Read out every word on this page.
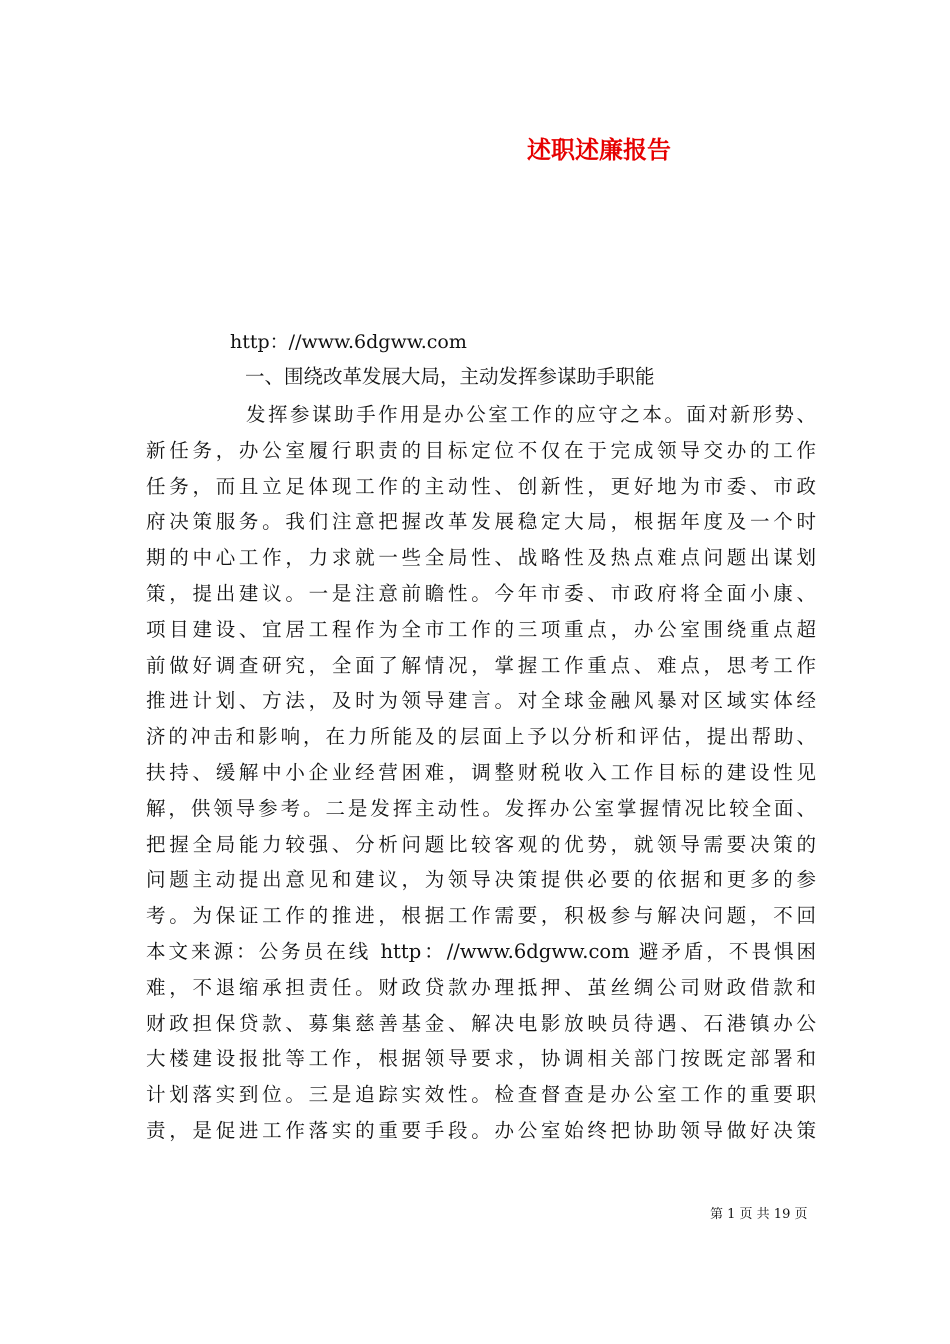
述职述廉报告
http：//www.6dgww.com
一、围绕改革发展大局，主动发挥参谋助手职能
发挥参谋助手作用是办公室工作的应守之本。面对新形势、
新任务，办公室履行职责的目标定位不仅在于完成领导交办的工作
任务，而且立足体现工作的主动性、创新性，更好地为市委、市政
府决策服务。我们注意把握改革发展稳定大局，根据年度及一个时
期的中心工作，力求就一些全局性、战略性及热点难点问题出谋划
策，提出建议。一是注意前瞻性。今年市委、市政府将全面小康、
项目建设、宜居工程作为全市工作的三项重点，办公室围绕重点超
前做好调查研究，全面了解情况，掌握工作重点、难点，思考工作
推进计划、方法，及时为领导建言。对全球金融风暴对区域实体经
济的冲击和影响，在力所能及的层面上予以分析和评估，提出帮助、
扶持、缓解中小企业经营困难，调整财税收入工作目标的建设性见
解，供领导参考。二是发挥主动性。发挥办公室掌握情况比较全面、
把握全局能力较强、分析问题比较客观的优势，就领导需要决策的
问题主动提出意见和建议，为领导决策提供必要的依据和更多的参
考。为保证工作的推进，根据工作需要，积极参与解决问题，不回
本文来源：公务员在线 http：//www.6dgww.com 避矛盾，不畏惧困
难，不退缩承担责任。财政贷款办理抵押、茧丝绸公司财政借款和
财政担保贷款、募集慈善基金、解决电影放映员待遇、石港镇办公
大楼建设报批等工作，根据领导要求，协调相关部门按既定部署和
计划落实到位。三是追踪实效性。检查督查是办公室工作的重要职
责，是促进工作落实的重要手段。办公室始终把协助领导做好决策
第 1 页 共 19 页
